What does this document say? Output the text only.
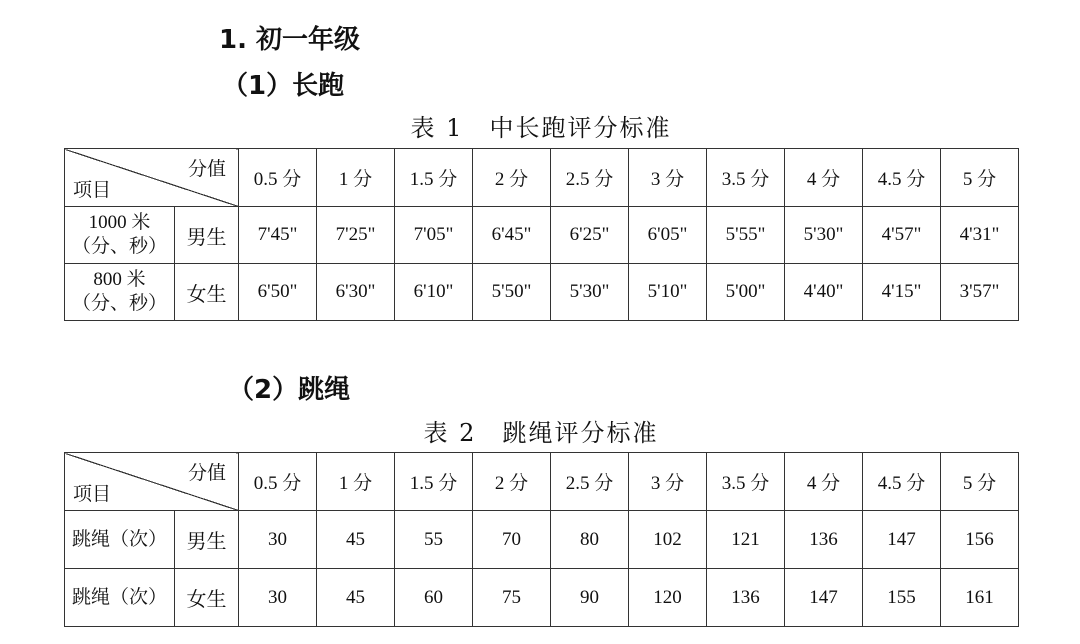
1. 初一年级
（1）长跑
表 1　中长跑评分标准
分值
项目		0.5 分	1 分	1.5 分	2 分	2.5 分	3 分	3.5 分	4 分	4.5 分	5 分

1000 米
（分、秒）	男生	7'45"	7'25"	7'05"	6'45"	6'25"	6'05"	5'55"	5'30"	4'57"	4'31"

800 米
（分、秒）	女生	6'50"	6'30"	6'10"	5'50"	5'30"	5'10"	5'00"	4'40"	4'15"	3'57"
（2）跳绳
表 2　跳绳评分标准
分值
项目		0.5 分	1 分	1.5 分	2 分	2.5 分	3 分	3.5 分	4 分	4.5 分	5 分
跳绳（次）	男生	30	45	55	70	80	102	121	136	147	156
跳绳（次）	女生	30	45	60	75	90	120	136	147	155	161
